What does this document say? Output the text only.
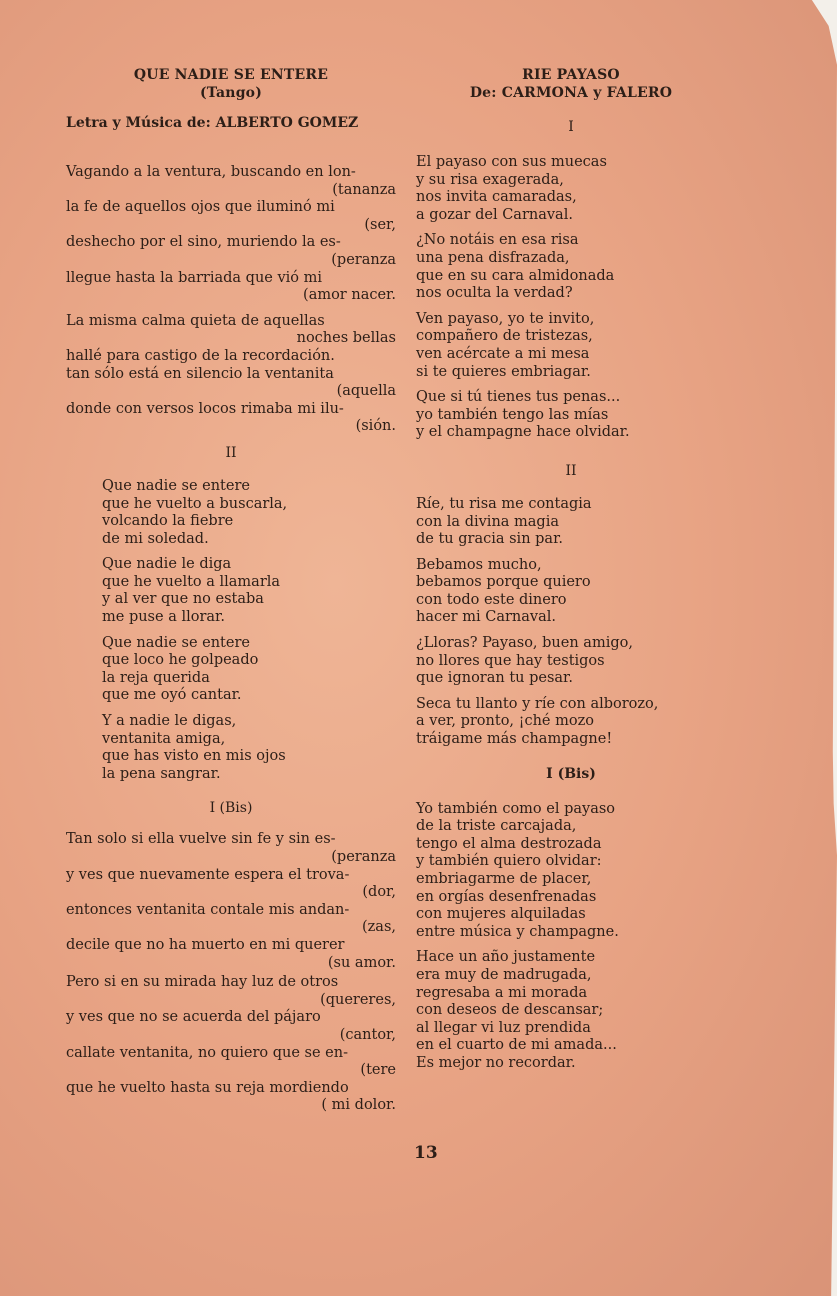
QUE NADIE SE ENTERE
(Tango)
Letra y Música de: ALBERTO GOMEZ
Vagando a la ventura, buscando en lon-
(tananza
la fe de aquellos ojos que iluminó mi
(ser,
deshecho por el sino, muriendo la es-
(peranza
llegue hasta la barriada que vió mi
(amor nacer.
La misma calma quieta de aquellas
noches bellas
hallé para castigo de la recordación.
tan sólo está en silencio la ventanita
(aquella
donde con versos locos rimaba mi ilu-
(sión.
II
Que nadie se entere
que he vuelto a buscarla,
volcando la fiebre
de mi soledad.
Que nadie le diga
que he vuelto a llamarla
y al ver que no estaba
me puse a llorar.
Que nadie se entere
que loco he golpeado
la reja querida
que me oyó cantar.
Y a nadie le digas,
ventanita amiga,
que has visto en mis ojos
la pena sangrar.
I (Bis)
Tan solo si ella vuelve sin fe y sin es-
(peranza
y ves que nuevamente espera el trova-
(dor,
entonces ventanita contale mis andan-
(zas,
decile que no ha muerto en mi querer
(su amor.
Pero si en su mirada hay luz de otros
(quereres,
y ves que no se acuerda del pájaro
(cantor,
callate ventanita, no quiero que se en-
(tere
que he vuelto hasta su reja mordiendo
( mi dolor.
RIE PAYASO
De: CARMONA y FALERO
I
El payaso con sus muecas
y su risa exagerada,
nos invita camaradas,
a gozar del Carnaval.
¿No notáis en esa risa
una pena disfrazada,
que en su cara almidonada
nos oculta la verdad?
Ven payaso, yo te invito,
compañero de tristezas,
ven acércate a mi mesa
si te quieres embriagar.
Que si tú tienes tus penas...
yo también tengo las mías
y el champagne hace olvidar.
II
Ríe, tu risa me contagia
con la divina magia
de tu gracia sin par.
Bebamos mucho,
bebamos porque quiero
con todo este dinero
hacer mi Carnaval.
¿Lloras? Payaso, buen amigo,
no llores que hay testigos
que ignoran tu pesar.
Seca tu llanto y ríe con alborozo,
a ver, pronto, ¡ché mozo
tráigame más champagne!
I (Bis)
Yo también como el payaso
de la triste carcajada,
tengo el alma destrozada
y también quiero olvidar:
embriagarme de placer,
en orgías desenfrenadas
con mujeres alquiladas
entre música y champagne.
Hace un año justamente
era muy de madrugada,
regresaba a mi morada
con deseos de descansar;
al llegar vi luz prendida
en el cuarto de mi amada...
Es mejor no recordar.
13
